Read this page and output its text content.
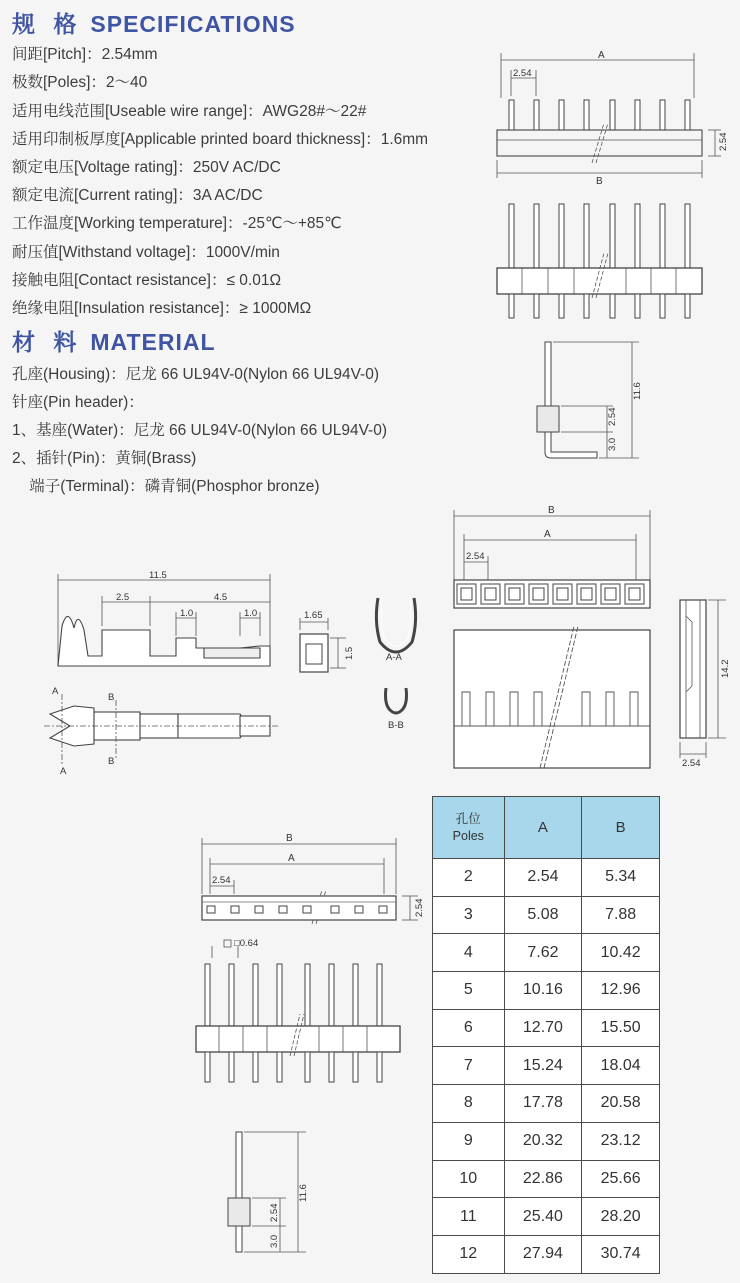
规 格 SPECIFICATIONS
间距[Pitch]：2.54mm
极数[Poles]：2～40
适用电线范围[Useable wire range]：AWG28#～22#
适用印制板厚度[Applicable printed board thickness]：1.6mm
额定电压[Voltage rating]：250V AC/DC
额定电流[Current rating]：3A AC/DC
工作温度[Working temperature]：-25℃～+85℃
耐压值[Withstand voltage]：1000V/min
接触电阻[Contact resistance]：≤ 0.01Ω
绝缘电阻[Insulation resistance]：≥ 1000MΩ
材 料 MATERIAL
孔座(Housing)：尼龙 66 UL94V-0(Nylon 66 UL94V-0)
针座(Pin header)：
1、基座(Water)：尼龙 66 UL94V-0(Nylon 66 UL94V-0)
2、插针(Pin)：黄铜(Brass)
端子(Terminal)：磷青铜(Phosphor bronze)
A
2.54
B
2.54
11.6
2.54
3.0
11.5
2.5	4.5
1.0	1.0
A
B
A
B
1.65
1.5	A-A
B-B
B
A
2.54
14.2
2.54
B
A
2.54
2.54
□0.64
11.6
2.54
3.0
孔位
Poles	A	B
2	2.54	5.34
3	5.08	7.88
4	7.62	10.42
5	10.16	12.96
6	12.70	15.50
7	15.24	18.04
8	17.78	20.58
9	20.32	23.12
10	22.86	25.66
11	25.40	28.20
12	27.94	30.74
